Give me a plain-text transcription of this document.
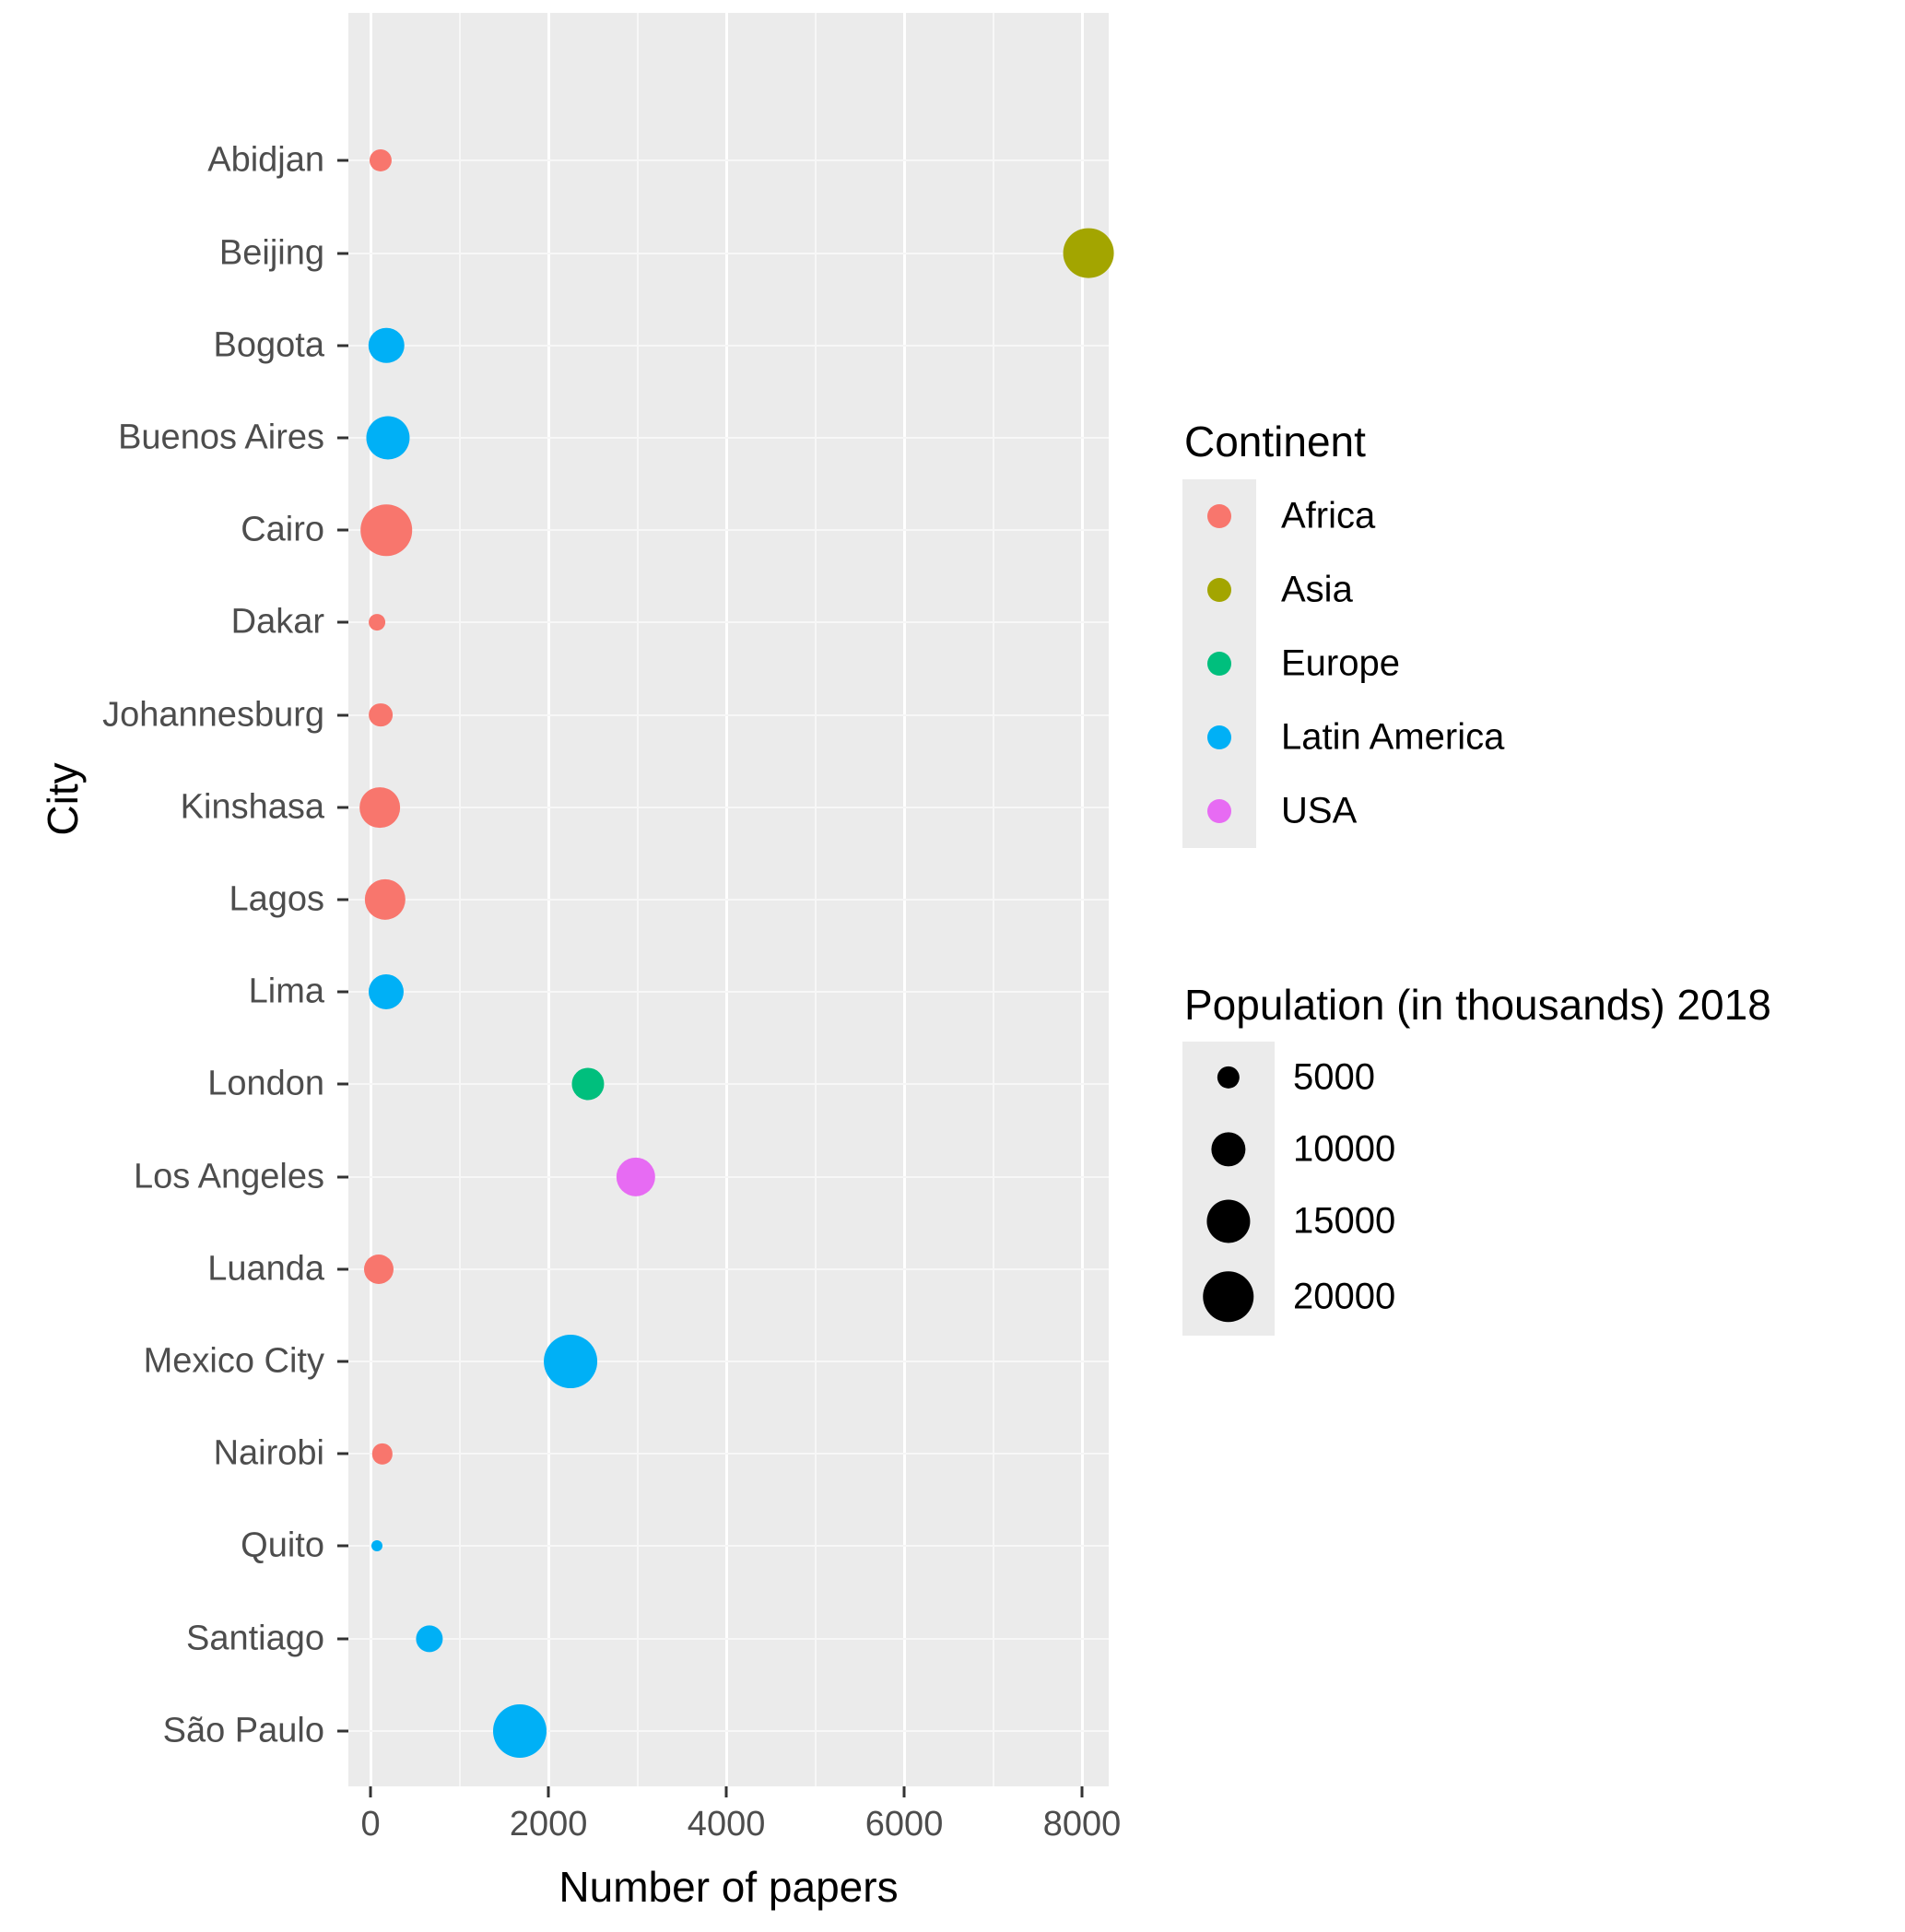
City
Number of papers
Continent
Population (in thousands) 2018
Abidjan
Beijing
Bogota
Buenos Aires
Cairo
Dakar
Johannesburg
Kinshasa
Lagos
Lima
London
Los Angeles
Luanda
Mexico City
Nairobi
Quito
Santiago
São Paulo
0	2000	4000	6000	8000
Africa
Asia
Europe
Latin America
USA
5000
10000
15000
20000
